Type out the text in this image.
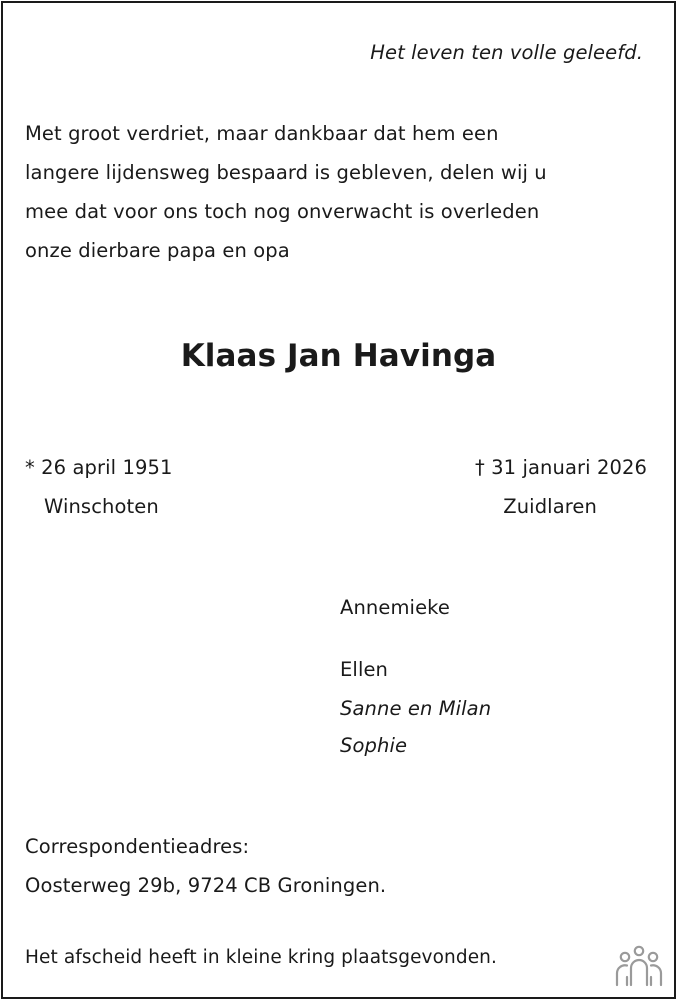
Het leven ten volle geleefd.
Met groot verdriet, maar dankbaar dat hem een
langere lijdensweg bespaard is gebleven, delen wij u
mee dat voor ons toch nog onverwacht is overleden
onze dierbare papa en opa
Klaas Jan Havinga
* 26 april 1951
Winschoten
† 31 januari 2026
Zuidlaren
Annemieke
Ellen
Sanne en Milan
Sophie
Correspondentieadres:
Oosterweg 29b, 9724 CB Groningen.
Het afscheid heeft in kleine kring plaatsgevonden.
